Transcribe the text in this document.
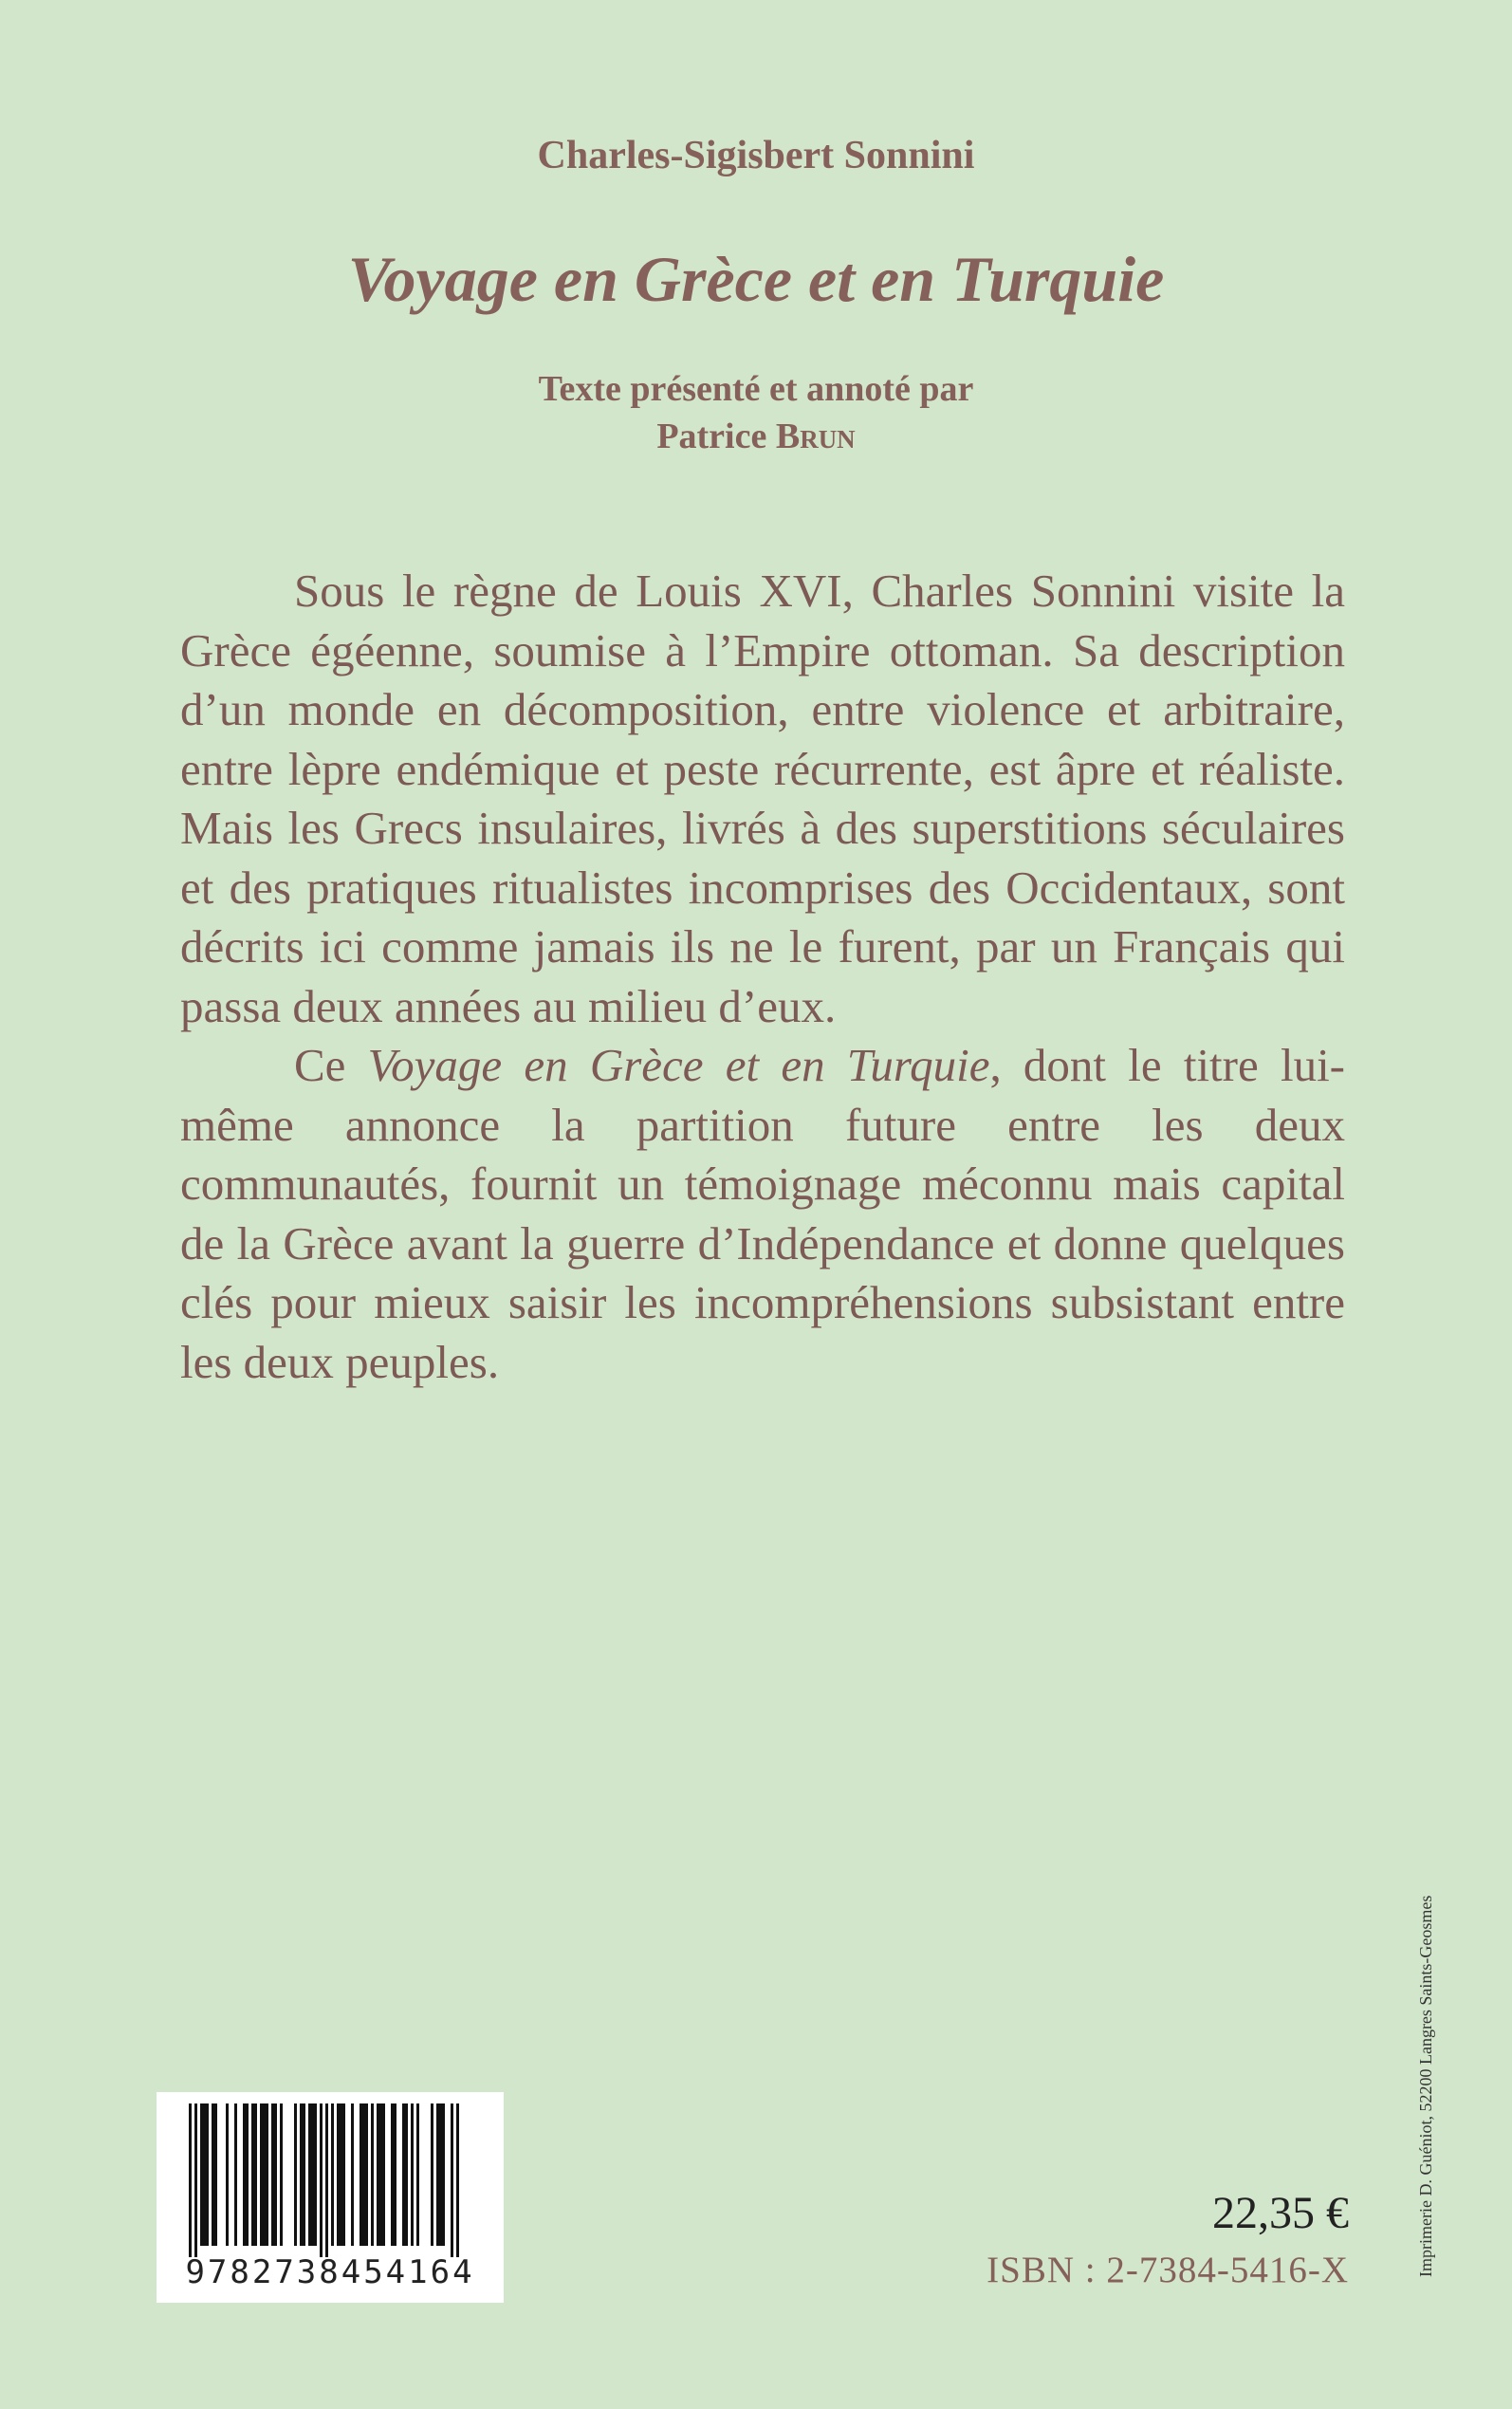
Charles-Sigisbert Sonnini
Voyage en Grèce et en Turquie
Texte présenté et annoté par
Patrice Brun

Sous le règne de Louis XVI, Charles Sonnini visite la Grèce égéenne, soumise à l’Empire ottoman. Sa description d’un monde en décomposition, entre violence et arbitraire, entre lèpre endémique et peste récurrente, est âpre et réaliste. Mais les Grecs insulaires, livrés à des superstitions séculaires et des pratiques ritualistes incomprises des Occidentaux, sont décrits ici comme jamais ils ne le furent, par un Français qui passa deux années au milieu d’eux.

Ce Voyage en Grèce et en Turquie, dont le titre lui-même annonce la partition future entre les deux communautés, fournit un témoignage méconnu mais capital de la Grèce avant la guerre d’Indépendance et donne quelques clés pour mieux saisir les incompréhensions subsistant entre les deux peuples.

9782738454164
22,35 €
ISBN : 2-7384-5416-X	Imprimerie D. Guéniot, 52200 Langres Saints-Geosmes
